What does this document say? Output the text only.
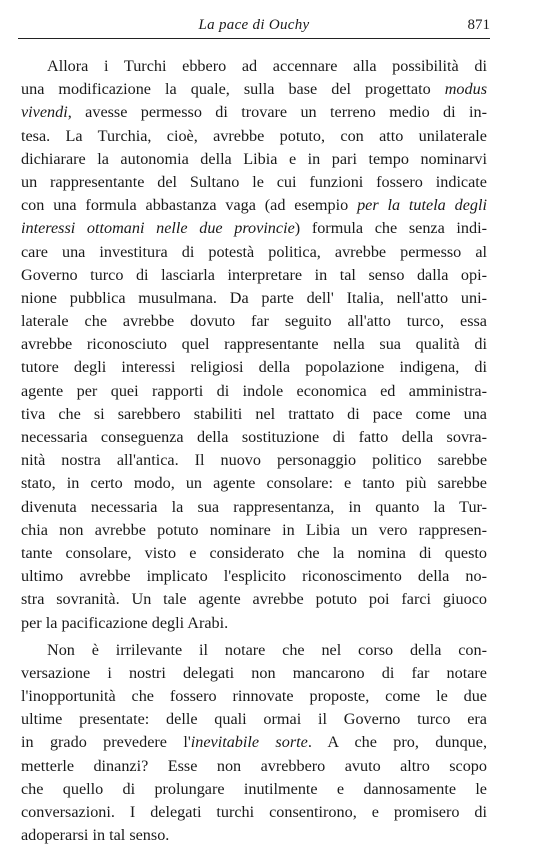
La pace di Ouchy	871
Allora i Turchi ebbero ad accennare alla possibilità di
una modificazione la quale, sulla base del progettato modus
vivendi, avesse permesso di trovare un terreno medio di in-
tesa. La Turchia, cioè, avrebbe potuto, con atto unilaterale
dichiarare la autonomia della Libia e in pari tempo nominarvi
un rappresentante del Sultano le cui funzioni fossero indicate
con una formula abbastanza vaga (ad esempio per la tutela degli
interessi ottomani nelle due provincie) formula che senza indi-
care una investitura di potestà politica, avrebbe permesso al
Governo turco di lasciarla interpretare in tal senso dalla opi-
nione pubblica musulmana. Da parte dell' Italia, nell'atto uni-
laterale che avrebbe dovuto far seguito all'atto turco, essa
avrebbe riconosciuto quel rappresentante nella sua qualità di
tutore degli interessi religiosi della popolazione indigena, di
agente per quei rapporti di indole economica ed amministra-
tiva che si sarebbero stabiliti nel trattato di pace come una
necessaria conseguenza della sostituzione di fatto della sovra-
nità nostra all'antica. Il nuovo personaggio politico sarebbe
stato, in certo modo, un agente consolare: e tanto più sarebbe
divenuta necessaria la sua rappresentanza, in quanto la Tur-
chia non avrebbe potuto nominare in Libia un vero rappresen-
tante consolare, visto e considerato che la nomina di questo
ultimo avrebbe implicato l'esplicito riconoscimento della no-
stra sovranità. Un tale agente avrebbe potuto poi farci giuoco
per la pacificazione degli Arabi.
Non è irrilevante il notare che nel corso della con-
versazione i nostri delegati non mancarono di far notare
l'inopportunità che fossero rinnovate proposte, come le due
ultime presentate: delle quali ormai il Governo turco era
in grado prevedere l'inevitabile sorte. A che pro, dunque,
metterle dinanzi? Esse non avrebbero avuto altro scopo
che quello di prolungare inutilmente e dannosamente le
conversazioni. I delegati turchi consentirono, e promisero di
adoperarsi in tal senso.
